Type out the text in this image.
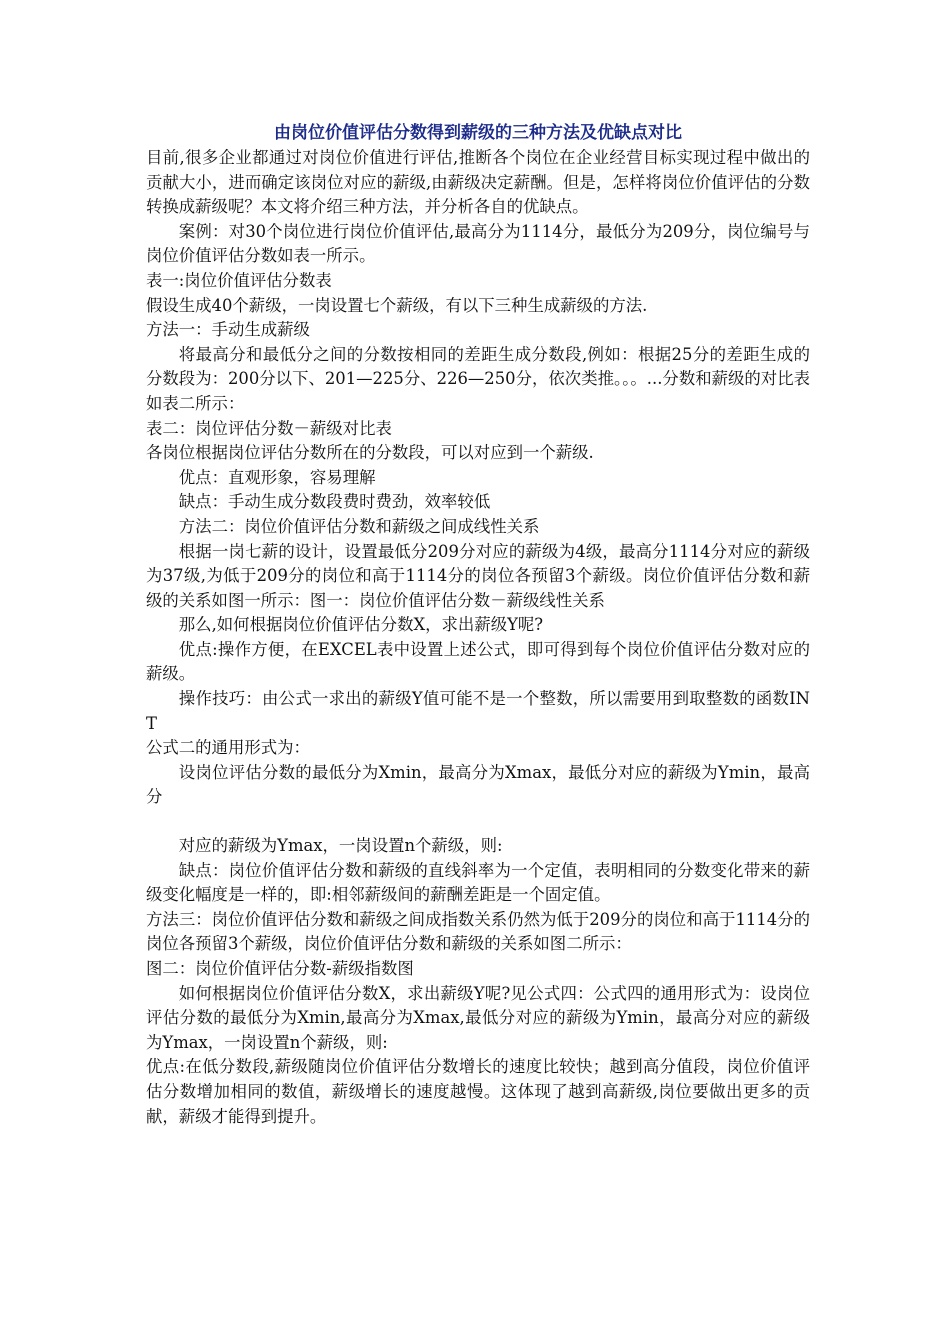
由岗位价值评估分数得到薪级的三种方法及优缺点对比

目前,很多企业都通过对岗位价值进行评估,推断各个岗位在企业经营目标实现过程中做出的贡献大小，进而确定该岗位对应的薪级,由薪级决定薪酬。但是，怎样将岗位价值评估的分数转换成薪级呢？本文将介绍三种方法，并分析各自的优缺点。

案例：对30个岗位进行岗位价值评估,最高分为1114分，最低分为209分，岗位编号与岗位价值评估分数如表一所示。

表一:岗位价值评估分数表

假设生成40个薪级，一岗设置七个薪级，有以下三种生成薪级的方法.

方法一：手动生成薪级

将最高分和最低分之间的分数按相同的差距生成分数段,例如：根据25分的差距生成的分数段为：200分以下、201—225分、226—250分，依次类推。。。...分数和薪级的对比表如表二所示：

表二：岗位评估分数－薪级对比表

各岗位根据岗位评估分数所在的分数段，可以对应到一个薪级.

优点：直观形象，容易理解

缺点：手动生成分数段费时费劲，效率较低

方法二：岗位价值评估分数和薪级之间成线性关系

根据一岗七薪的设计，设置最低分209分对应的薪级为4级，最高分1114分对应的薪级为37级,为低于209分的岗位和高于1114分的岗位各预留3个薪级。岗位价值评估分数和薪级的关系如图一所示：图一：岗位价值评估分数－薪级线性关系

那么,如何根据岗位价值评估分数X，求出薪级Y呢?

优点:操作方便，在EXCEL表中设置上述公式，即可得到每个岗位价值评估分数对应的薪级。

操作技巧：由公式一求出的薪级Y值可能不是一个整数，所以需要用到取整数的函数INT

公式二的通用形式为：

设岗位评估分数的最低分为Xmin，最高分为Xmax，最低分对应的薪级为Ymin，最高分

对应的薪级为Ymax，一岗设置n个薪级，则:

缺点：岗位价值评估分数和薪级的直线斜率为一个定值，表明相同的分数变化带来的薪级变化幅度是一样的，即:相邻薪级间的薪酬差距是一个固定值。

方法三：岗位价值评估分数和薪级之间成指数关系仍然为低于209分的岗位和高于1114分的岗位各预留3个薪级，岗位价值评估分数和薪级的关系如图二所示：

图二：岗位价值评估分数-薪级指数图

如何根据岗位价值评估分数X，求出薪级Y呢?见公式四：公式四的通用形式为：设岗位评估分数的最低分为Xmin,最高分为Xmax,最低分对应的薪级为Ymin，最高分对应的薪级为Ymax，一岗设置n个薪级，则:

优点:在低分数段,薪级随岗位价值评估分数增长的速度比较快；越到高分值段，岗位价值评估分数增加相同的数值，薪级增长的速度越慢。这体现了越到高薪级,岗位要做出更多的贡献，薪级才能得到提升。
